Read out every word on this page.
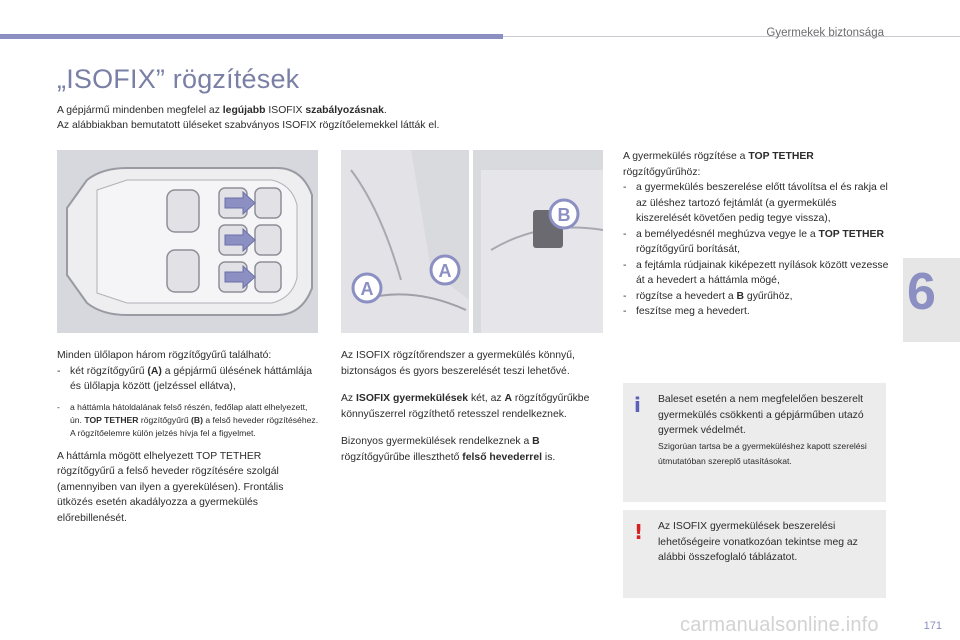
Gyermekek biztonsága
„ISOFIX” rögzítések

A gépjármű mindenben megfelel az legújabb ISOFIX szabályozásnak.

Az alábbiakban bemutatott üléseket szabványos ISOFIX rögzítőelemekkel látták el.

B
A
A

Minden ülőlapon három rögzítőgyűrű található:

- két rögzítőgyűrű (A) a gépjármű ülésének háttámlája és ülőlapja között (jelzéssel ellátva),
-	a háttámla hátoldalának felső részén, fedőlap alatt elhelyezett, ún. TOP TETHER rögzítőgyűrű (B) a felső heveder rögzítéséhez. A rögzítőelemre külön jelzés hívja fel a figyelmet.

A háttámla mögött elhelyezett TOP TETHER rögzítőgyűrű a felső heveder rögzítésére szolgál (amennyiben van ilyen a gyerekülésen). Frontális ütközés esetén akadályozza a gyermekülés előrebillenését.

Az ISOFIX rögzítőrendszer a gyermekülés könnyű, biztonságos és gyors beszerelését teszi lehetővé.

Az ISOFIX gyermekülések két, az A rögzítőgyűrűkbe könnyűszerrel rögzíthető retesszel rendelkeznek.

Bizonyos gyermekülések rendelkeznek a B rögzítőgyűrűbe illeszthető felső hevederrel is.

A gyermekülés rögzítése a TOP TETHER rögzítőgyűrűhöz:

- a gyermekülés beszerelése előtt távolítsa el és rakja el az üléshez tartozó fejtámlát (a gyermekülés kiszerelését követően pedig tegye vissza),
- a bemélyedésnél meghúzva vegye le a TOP TETHER rögzítőgyűrű borítását,
- a fejtámla rúdjainak kiképezett nyílások között vezesse át a hevedert a háttámla mögé,
- rögzítse a hevedert a B gyűrűhöz,
- feszítse meg a hevedert.
i Baleset esetén a nem megfelelően beszerelt gyermekülés csökkenti a gépjárműben utazó gyermek védelmét.

Szigorúan tartsa be a gyermeküléshez kapott szerelési útmutatóban szereplő utasításokat.

! Az ISOFIX gyermekülések beszerelési lehetőségeire vonatkozóan tekintse meg az alábbi összefoglaló táblázatot.

6
carmanualsonline.info	171
